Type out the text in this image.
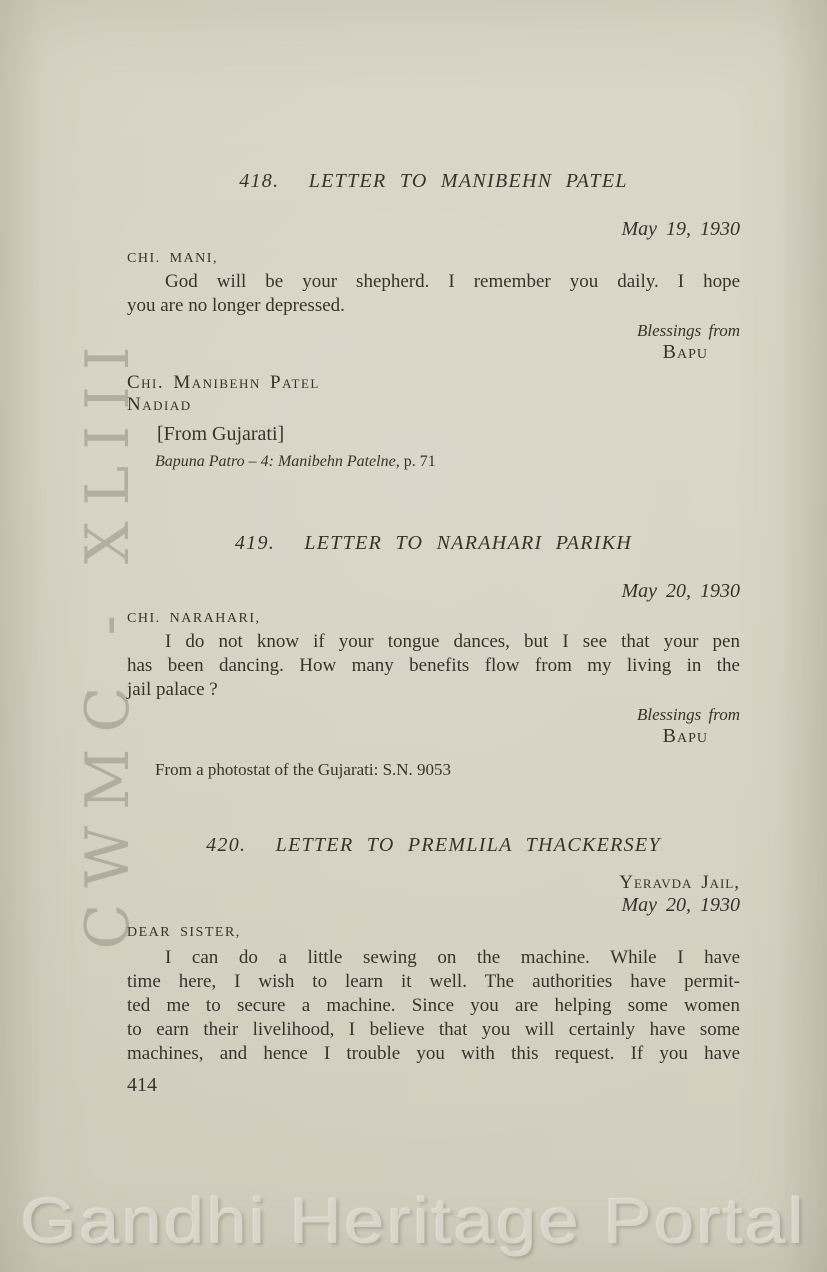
CWMC - XLIII
418. LETTER TO MANIBEHN PATEL
May 19, 1930
CHI. MANI,

God will be your shepherd. I remember you daily. I hope
you are no longer depressed.

Blessings from
Bapu
Chi. Manibehn Patel
Nadiad
[From Gujarati]
Bapuna Patro – 4: Manibehn Patelne, p. 71
419. LETTER TO NARAHARI PARIKH
May 20, 1930
CHI. NARAHARI,

I do not know if your tongue dances, but I see that your pen
has been dancing. How many benefits flow from my living in the
jail palace ?

Blessings from
Bapu
From a photostat of the Gujarati: S.N. 9053
420. LETTER TO PREMLILA THACKERSEY
Yeravda Jail,
May 20, 1930
DEAR SISTER,

I can do a little sewing on the machine. While I have
time here, I wish to learn it well. The authorities have permit-
ted me to secure a machine. Since you are helping some women
to earn their livelihood, I believe that you will certainly have some
machines, and hence I trouble you with this request. If you have

414
Gandhi Heritage Portal
